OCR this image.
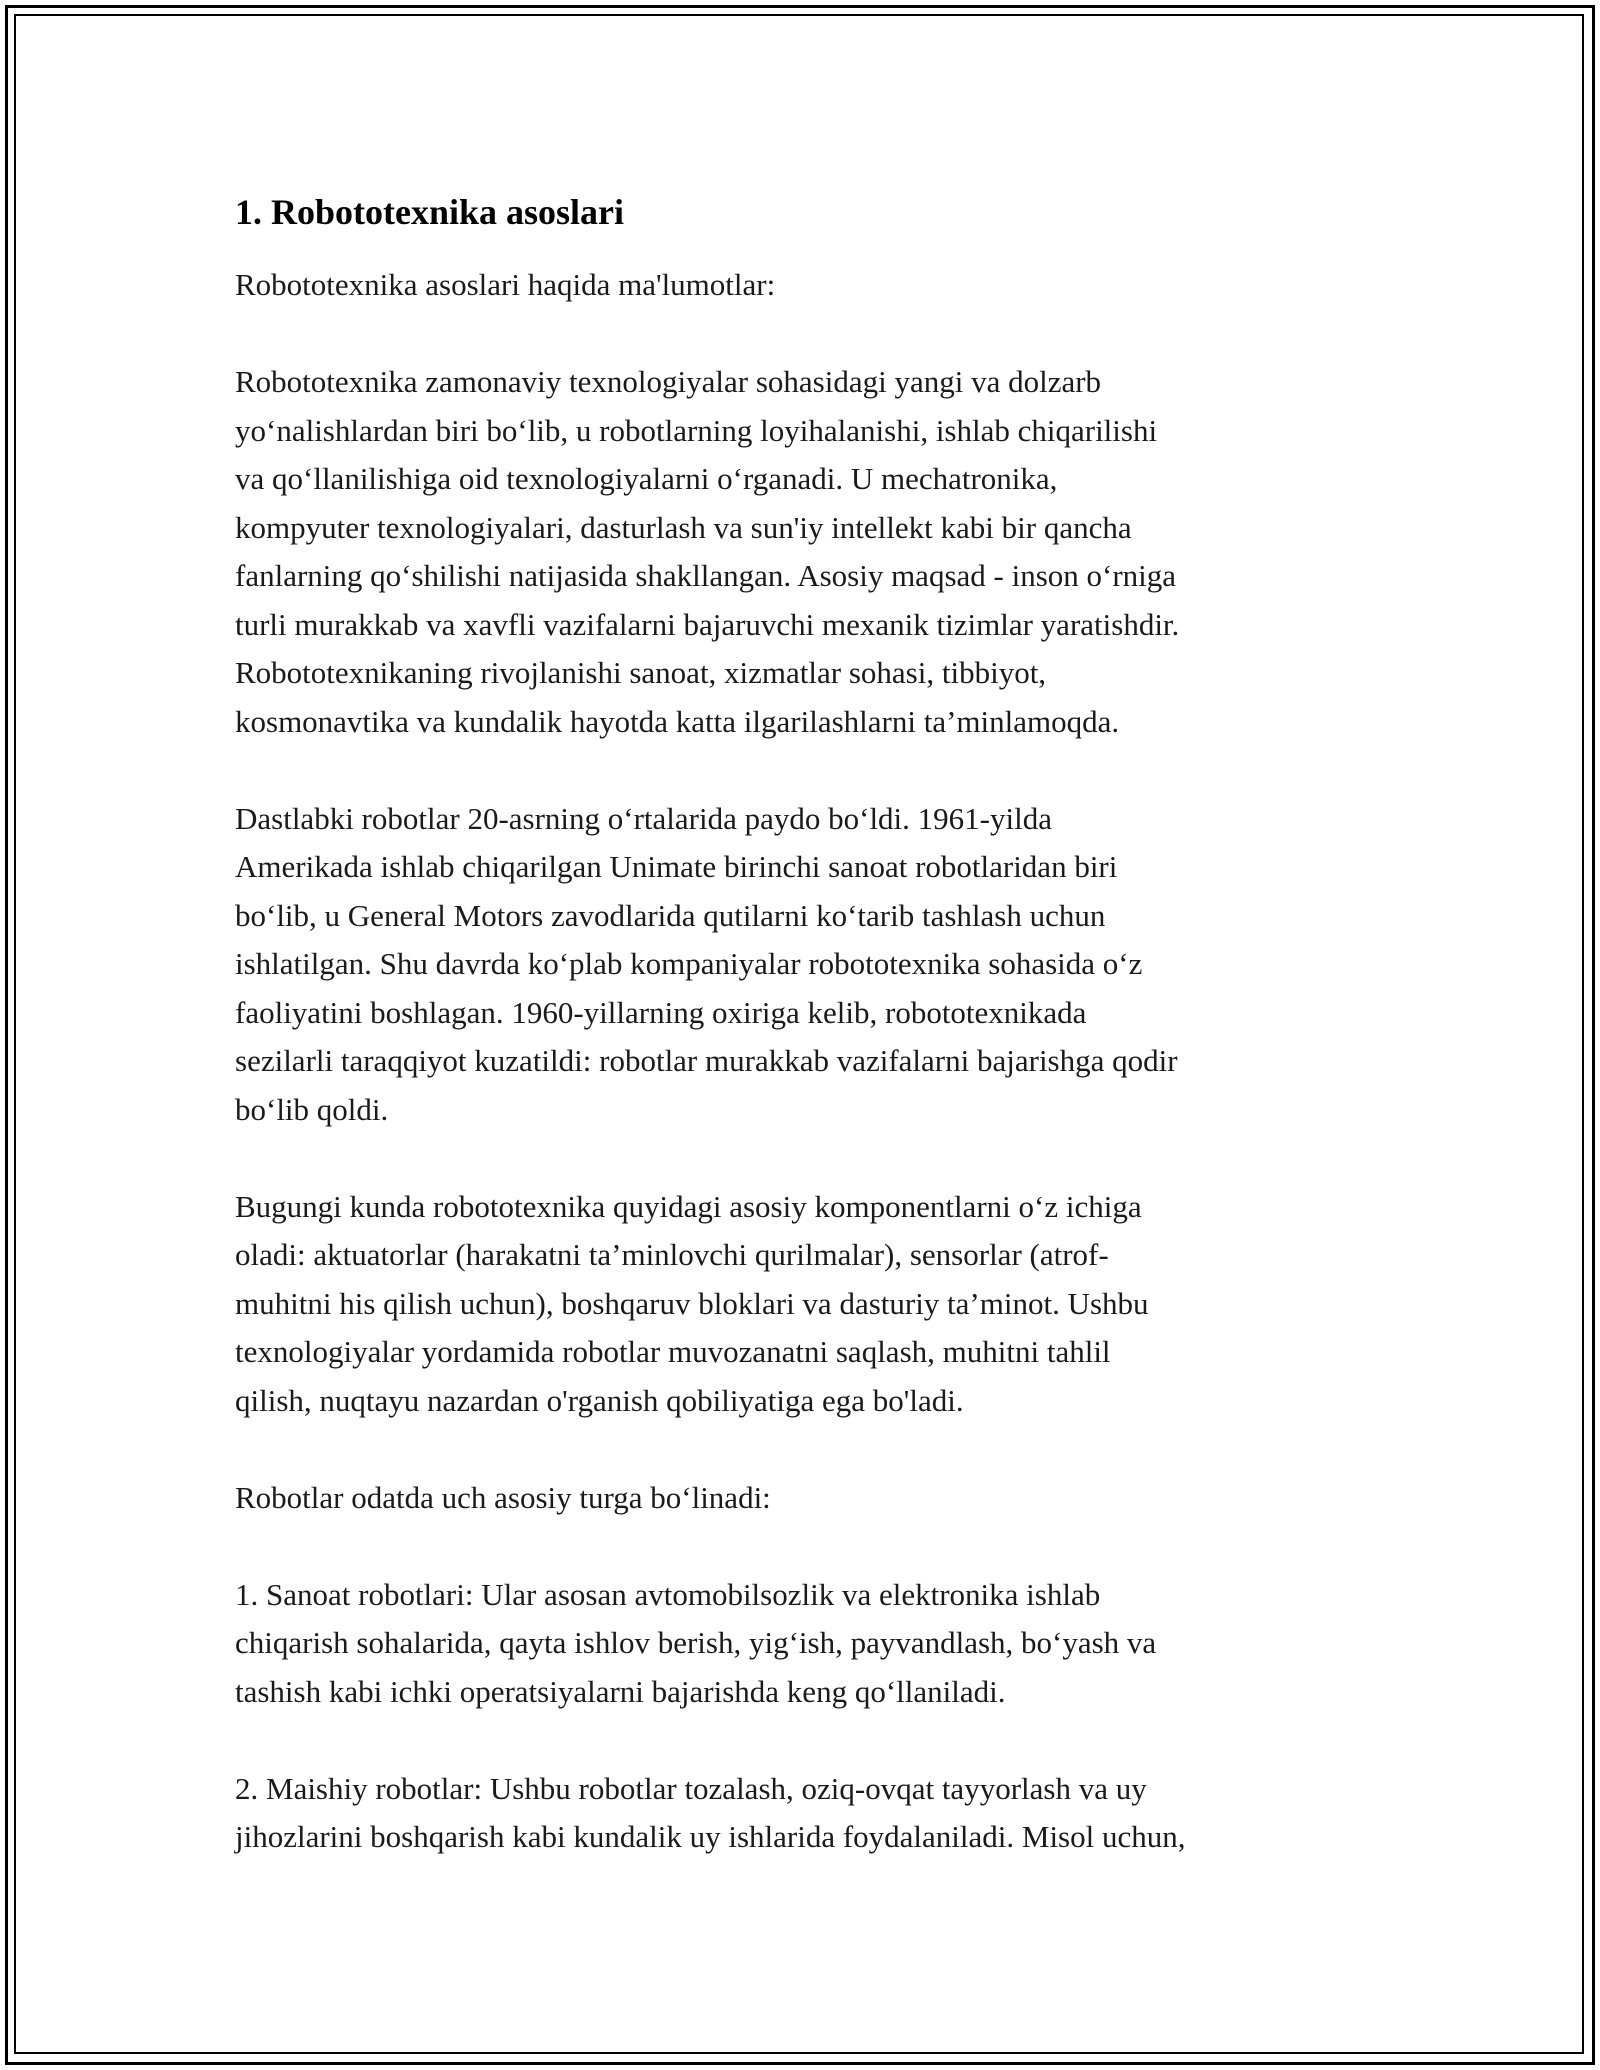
1. Robototexnika asoslari

Robototexnika asoslari haqida ma'lumotlar:

Robototexnika zamonaviy texnologiyalar sohasidagi yangi va dolzarb
yo‘nalishlardan biri bo‘lib, u robotlarning loyihalanishi, ishlab chiqarilishi
va qo‘llanilishiga oid texnologiyalarni o‘rganadi. U mechatronika,
kompyuter texnologiyalari, dasturlash va sun'iy intellekt kabi bir qancha
fanlarning qo‘shilishi natijasida shakllangan. Asosiy maqsad - inson o‘rniga
turli murakkab va xavfli vazifalarni bajaruvchi mexanik tizimlar yaratishdir.
Robototexnikaning rivojlanishi sanoat, xizmatlar sohasi, tibbiyot,
kosmonavtika va kundalik hayotda katta ilgarilashlarni ta’minlamoqda.

Dastlabki robotlar 20-asrning o‘rtalarida paydo bo‘ldi. 1961-yilda
Amerikada ishlab chiqarilgan Unimate birinchi sanoat robotlaridan biri
bo‘lib, u General Motors zavodlarida qutilarni ko‘tarib tashlash uchun
ishlatilgan. Shu davrda ko‘plab kompaniyalar robototexnika sohasida o‘z
faoliyatini boshlagan. 1960-yillarning oxiriga kelib, robototexnikada
sezilarli taraqqiyot kuzatildi: robotlar murakkab vazifalarni bajarishga qodir
bo‘lib qoldi.

Bugungi kunda robototexnika quyidagi asosiy komponentlarni o‘z ichiga
oladi: aktuatorlar (harakatni ta’minlovchi qurilmalar), sensorlar (atrof-
muhitni his qilish uchun), boshqaruv bloklari va dasturiy ta’minot. Ushbu
texnologiyalar yordamida robotlar muvozanatni saqlash, muhitni tahlil
qilish, nuqtayu nazardan o'rganish qobiliyatiga ega bo'ladi.

Robotlar odatda uch asosiy turga bo‘linadi:

1. Sanoat robotlari: Ular asosan avtomobilsozlik va elektronika ishlab
chiqarish sohalarida, qayta ishlov berish, yig‘ish, payvandlash, bo‘yash va
tashish kabi ichki operatsiyalarni bajarishda keng qo‘llaniladi.

2. Maishiy robotlar: Ushbu robotlar tozalash, oziq-ovqat tayyorlash va uy
jihozlarini boshqarish kabi kundalik uy ishlarida foydalaniladi. Misol uchun,
